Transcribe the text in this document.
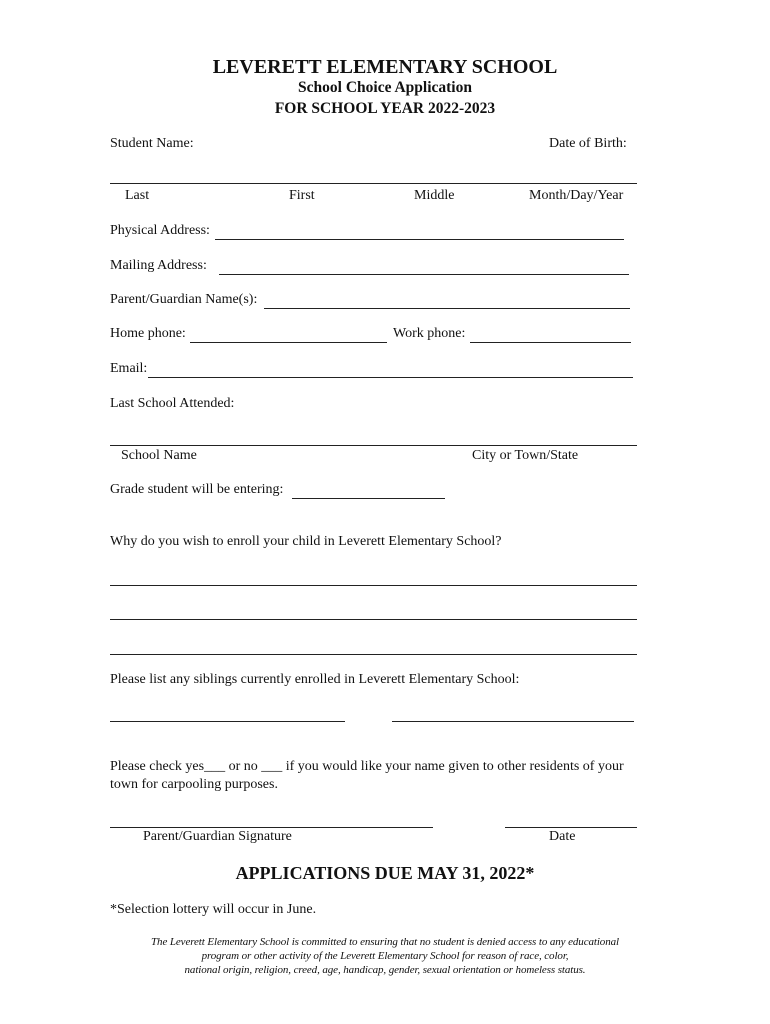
LEVERETT ELEMENTARY SCHOOL
School Choice Application
FOR SCHOOL YEAR 2022-2023
Student Name:	Date of Birth:
Last	First	Middle	Month/Day/Year
Physical Address:
Mailing Address:
Parent/Guardian Name(s):
Home phone:	Work phone:
Email:
Last School Attended:
School Name	City or Town/State
Grade student will be entering:
Why do you wish to enroll your child in Leverett Elementary School?
Please list any siblings currently enrolled in Leverett Elementary School:
Please check yes___ or no ___ if you would like your name given to other residents of your
town for carpooling purposes.
Parent/Guardian Signature	Date
APPLICATIONS DUE MAY 31, 2022*
*Selection lottery will occur in June.
The Leverett Elementary School is committed to ensuring that no student is denied access to any educational
program or other activity of the Leverett Elementary School for reason of race, color,
national origin, religion, creed, age, handicap, gender, sexual orientation or homeless status.
